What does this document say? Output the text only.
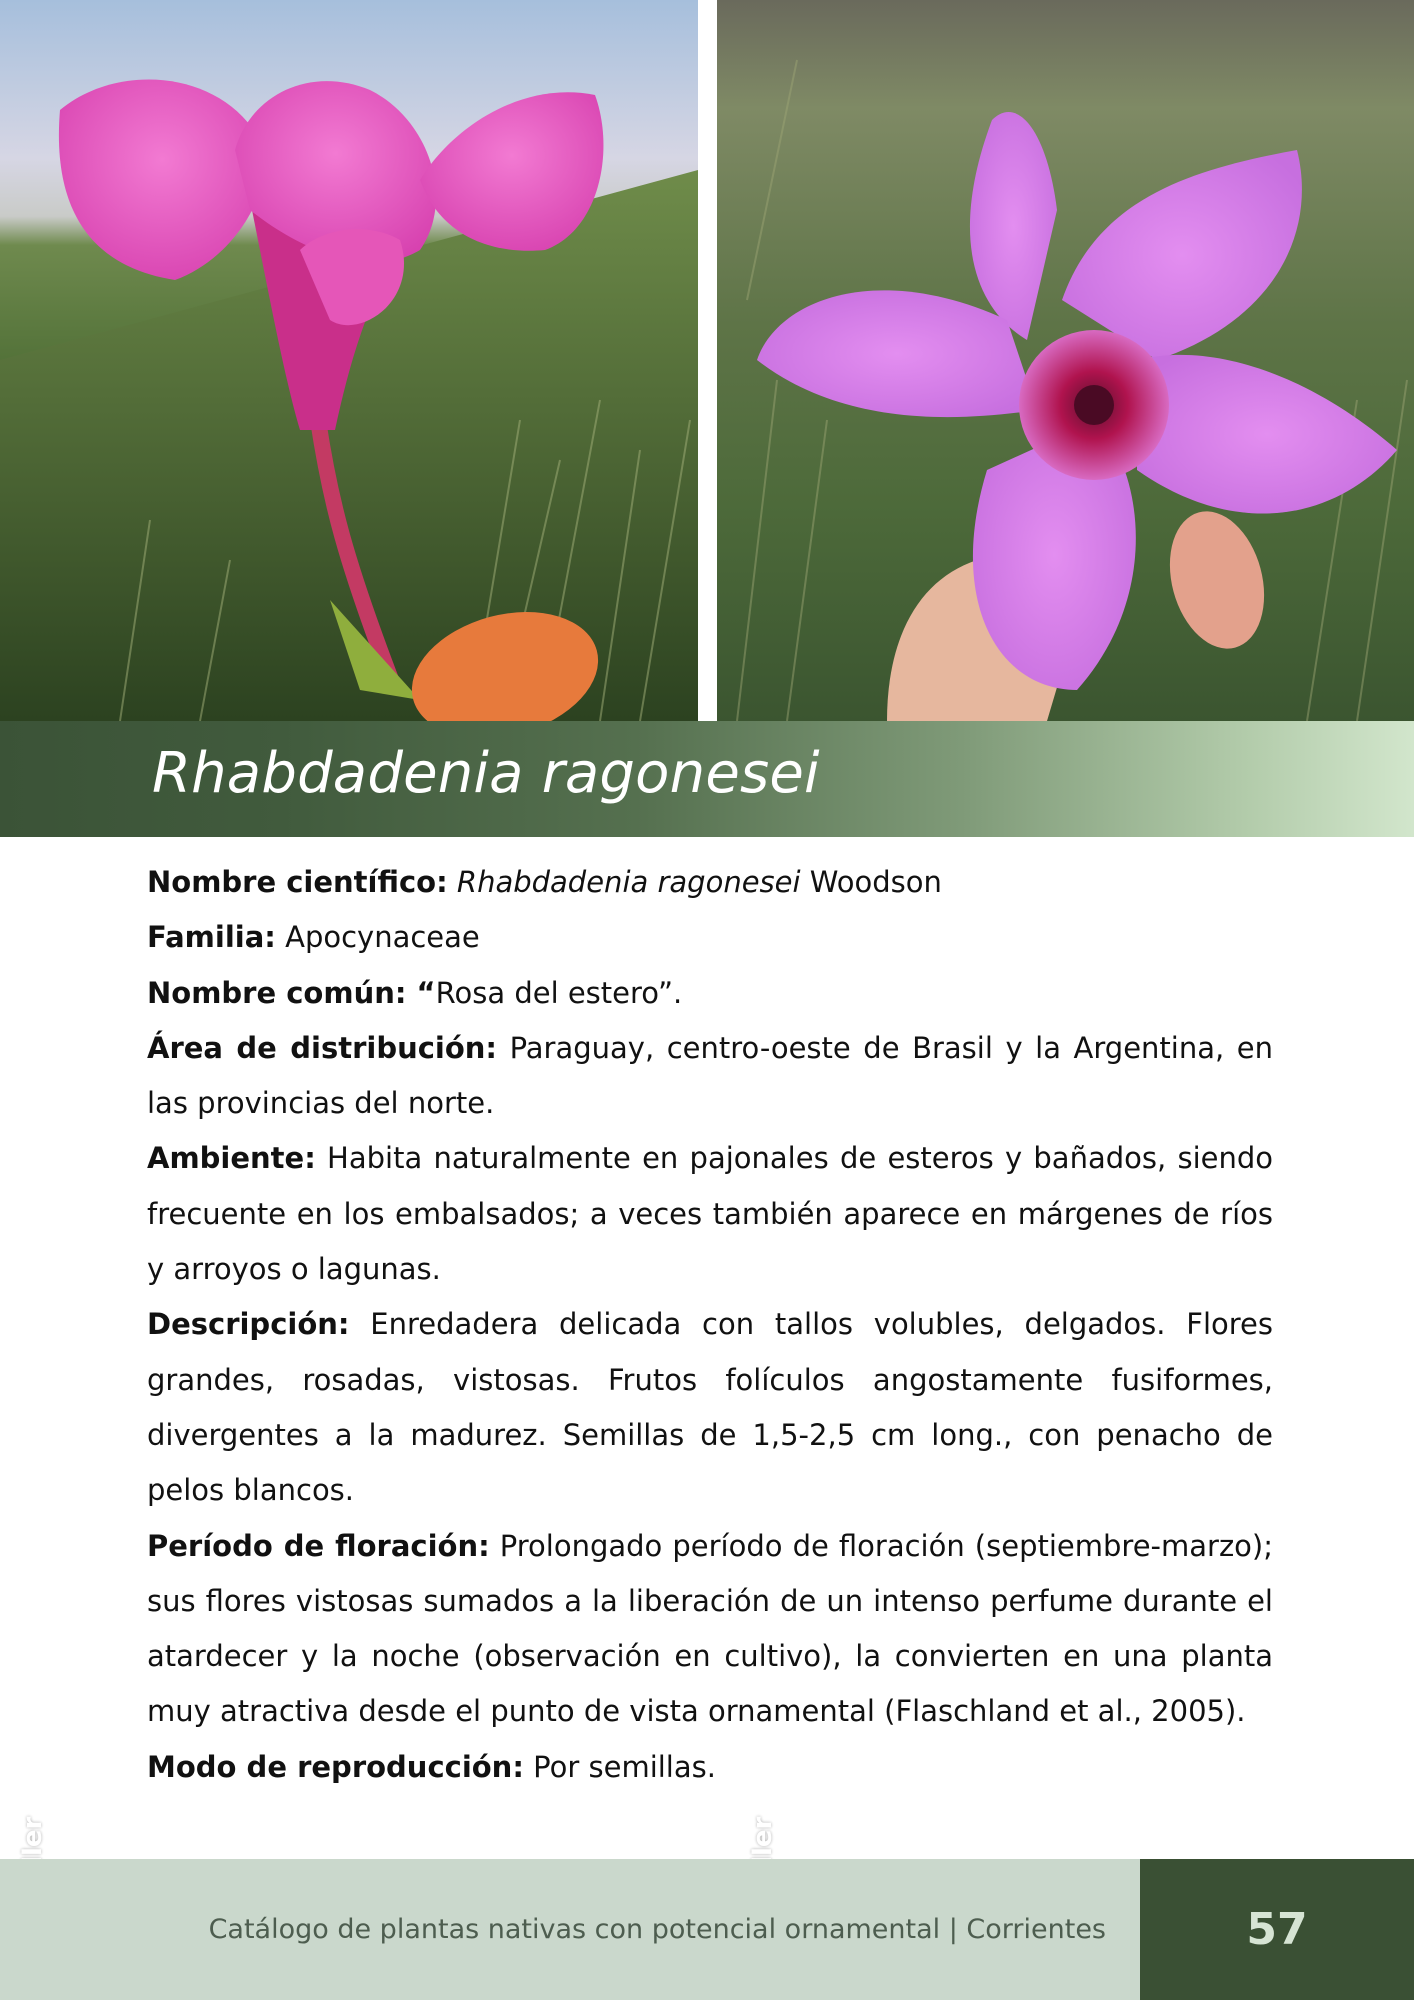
Rhabdadenia ragonesei

Nombre científico: Rhabdadenia ragonesei Woodson

Familia: Apocynaceae

Nombre común: “Rosa del estero”.

Área de distribución: Paraguay, centro-oeste de Brasil y la Argentina, en las provincias del norte.

Ambiente: Habita naturalmente en pajonales de esteros y bañados, siendo frecuente en los embalsados; a veces también aparece en márgenes de ríos y arroyos o lagunas.

Descripción: Enredadera delicada con tallos volubles, delgados. Flores grandes, rosadas, vistosas. Frutos folículos angostamente fusiformes, divergentes a la madurez. Semillas de 1,5-2,5 cm long., con penacho de pelos blancos.

Período de floración: Prolongado período de floración (septiembre-marzo); sus flores vistosas sumados a la liberación de un intenso perfume durante el atardecer y la noche (observación en cultivo), la convierten en una planta muy atractiva desde el punto de vista ornamental (Flaschland et al., 2005).

Modo de reproducción: Por semillas.

Catálogo de plantas nativas con potencial ornamental | Corrientes	57
